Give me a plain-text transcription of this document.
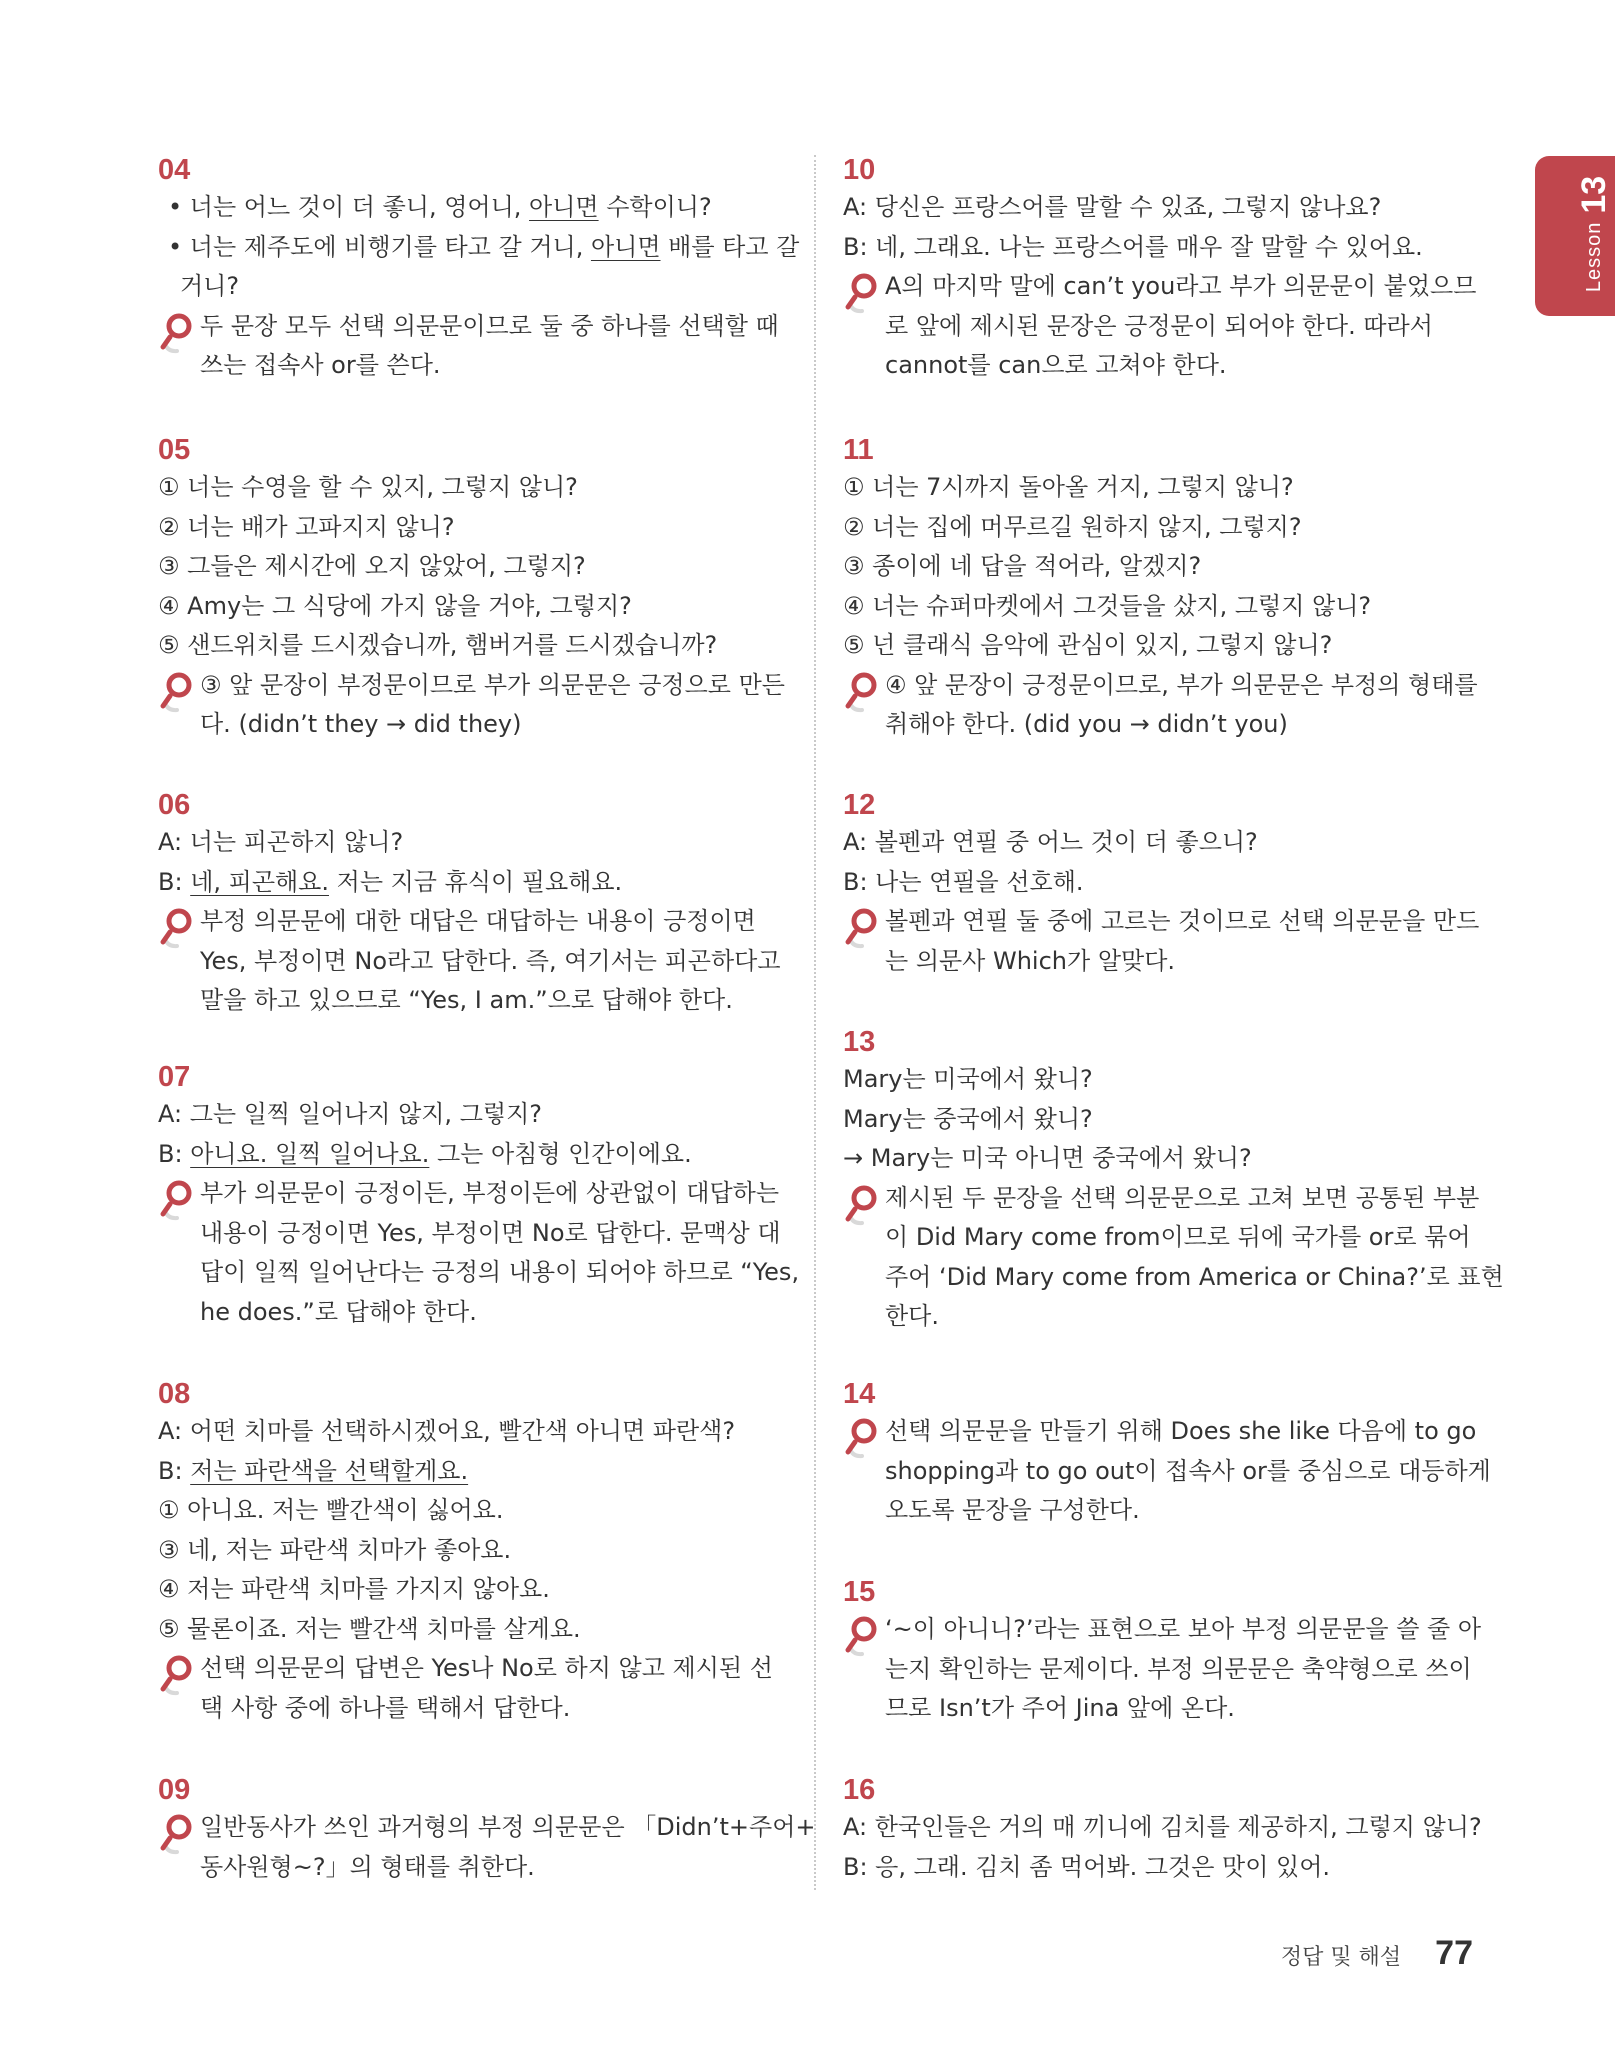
Lesson
13
04
• 너는 어느 것이 더 좋니, 영어니, 아니면 수학이니?
• 너는 제주도에 비행기를 타고 갈 거니, 아니면 배를 타고 갈
거니?
두 문장 모두 선택 의문문이므로 둘 중 하나를 선택할 때
쓰는 접속사 or를 쓴다.
05
① 너는 수영을 할 수 있지, 그렇지 않니?
② 너는 배가 고파지지 않니?
③ 그들은 제시간에 오지 않았어, 그렇지?
④ Amy는 그 식당에 가지 않을 거야, 그렇지?
⑤ 샌드위치를 드시겠습니까, 햄버거를 드시겠습니까?
③ 앞 문장이 부정문이므로 부가 의문문은 긍정으로 만든
다. (didn’t they → did they)
06
A: 너는 피곤하지 않니?
B: 네, 피곤해요. 저는 지금 휴식이 필요해요.
부정 의문문에 대한 대답은 대답하는 내용이 긍정이면
Yes, 부정이면 No라고 답한다. 즉, 여기서는 피곤하다고
말을 하고 있으므로 “Yes, I am.”으로 답해야 한다.
07
A: 그는 일찍 일어나지 않지, 그렇지?
B: 아니요. 일찍 일어나요. 그는 아침형 인간이에요.
부가 의문문이 긍정이든, 부정이든에 상관없이 대답하는
내용이 긍정이면 Yes, 부정이면 No로 답한다. 문맥상 대
답이 일찍 일어난다는 긍정의 내용이 되어야 하므로 “Yes,
he does.”로 답해야 한다.
08
A: 어떤 치마를 선택하시겠어요, 빨간색 아니면 파란색?
B: 저는 파란색을 선택할게요.
① 아니요. 저는 빨간색이 싫어요.
③ 네, 저는 파란색 치마가 좋아요.
④ 저는 파란색 치마를 가지지 않아요.
⑤ 물론이죠. 저는 빨간색 치마를 살게요.
선택 의문문의 답변은 Yes나 No로 하지 않고 제시된 선
택 사항 중에 하나를 택해서 답한다.
09
일반동사가 쓰인 과거형의 부정 의문문은 「Didn’t+주어+
동사원형~?」의 형태를 취한다.
10
A: 당신은 프랑스어를 말할 수 있죠, 그렇지 않나요?
B: 네, 그래요. 나는 프랑스어를 매우 잘 말할 수 있어요.
A의 마지막 말에 can’t you라고 부가 의문문이 붙었으므
로 앞에 제시된 문장은 긍정문이 되어야 한다. 따라서
cannot를 can으로 고쳐야 한다.
11
① 너는 7시까지 돌아올 거지, 그렇지 않니?
② 너는 집에 머무르길 원하지 않지, 그렇지?
③ 종이에 네 답을 적어라, 알겠지?
④ 너는 슈퍼마켓에서 그것들을 샀지, 그렇지 않니?
⑤ 넌 클래식 음악에 관심이 있지, 그렇지 않니?
④ 앞 문장이 긍정문이므로, 부가 의문문은 부정의 형태를
취해야 한다. (did you → didn’t you)
12
A: 볼펜과 연필 중 어느 것이 더 좋으니?
B: 나는 연필을 선호해.
볼펜과 연필 둘 중에 고르는 것이므로 선택 의문문을 만드
는 의문사 Which가 알맞다.
13
Mary는 미국에서 왔니?
Mary는 중국에서 왔니?
→ Mary는 미국 아니면 중국에서 왔니?
제시된 두 문장을 선택 의문문으로 고쳐 보면 공통된 부분
이 Did Mary come from이므로 뒤에 국가를 or로 묶어
주어 ‘Did Mary come from America or China?’로 표현
한다.
14
선택 의문문을 만들기 위해 Does she like 다음에 to go
shopping과 to go out이 접속사 or를 중심으로 대등하게
오도록 문장을 구성한다.
15
‘~이 아니니?’라는 표현으로 보아 부정 의문문을 쓸 줄 아
는지 확인하는 문제이다. 부정 의문문은 축약형으로 쓰이
므로 Isn’t가 주어 Jina 앞에 온다.
16
A: 한국인들은 거의 매 끼니에 김치를 제공하지, 그렇지 않니?
B: 응, 그래. 김치 좀 먹어봐. 그것은 맛이 있어.
정답 및 해설 77
